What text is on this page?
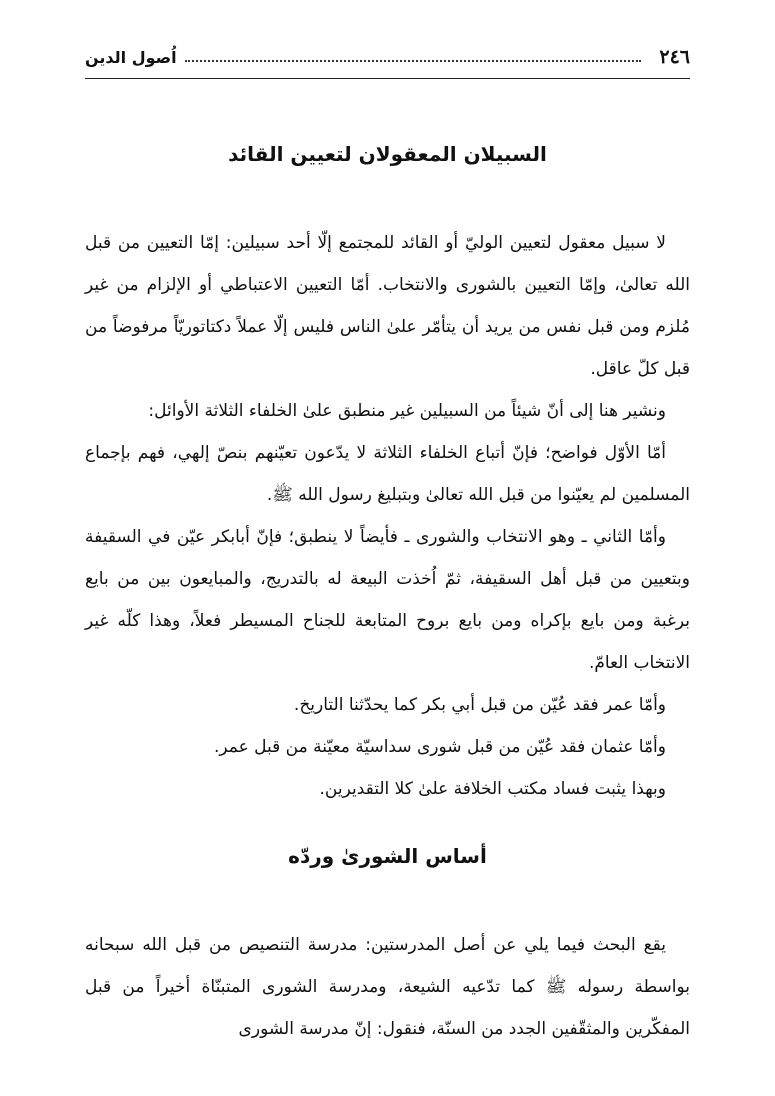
٢٤٦
اُصول الدين
السبيلان المعقولان لتعيين القائد

لا سبيل معقول لتعيين الوليّ أو القائد للمجتمع إلّا أحد سبيلين: إمّا التعيين من قبل الله تعالىٰ، وإمّا التعيين بالشورى والانتخاب. أمّا التعيين الاعتباطي أو الإلزام من غير مُلزم ومن قبل نفس من يريد أن يتأمّر علىٰ الناس فليس إلّا عملاً دكتاتوريّاً مرفوضاً من قبل كلّ عاقل.

ونشير هنا إلى أنّ شيئاً من السبيلين غير منطبق علىٰ الخلفاء الثلاثة الأوائل:

أمّا الأوّل فواضح؛ فإنّ أتباع الخلفاء الثلاثة لا يدّعون تعيّنهم بنصّ إلهي، فهم بإجماع المسلمين لم يعيّنوا من قبل الله تعالىٰ وبتبليغ رسول الله ﷺ.

وأمّا الثاني ـ وهو الانتخاب والشورى ـ فأيضاً لا ينطبق؛ فإنّ أبابكر عيّن في السقيفة وبتعيين من قبل أهل السقيفة، ثمّ اُخذت البيعة له بالتدريج، والمبايعون بين من بايع برغبة ومن بايع بإكراه ومن بايع بروح المتابعة للجناح المسيطر فعلاً، وهذا كلّه غير الانتخاب العامّ.

وأمّا عمر فقد عُيّن من قبل أبي بكر كما يحدّثنا التاريخ.

وأمّا عثمان فقد عُيّن من قبل شورى سداسيّة معيّنة من قبل عمر.

وبهذا يثبت فساد مكتب الخلافة علىٰ كلا التقديرين.

أساس الشورىٰ وردّه

يقع البحث فيما يلي عن أصل المدرستين: مدرسة التنصيص من قبل الله سبحانه بواسطة رسوله ﷺ كما تدّعيه الشيعة، ومدرسة الشورى المتبنّاة أخيراً من قبل المفكّرين والمثقّفين الجدد من السنّة، فنقول: إنّ مدرسة الشورى
